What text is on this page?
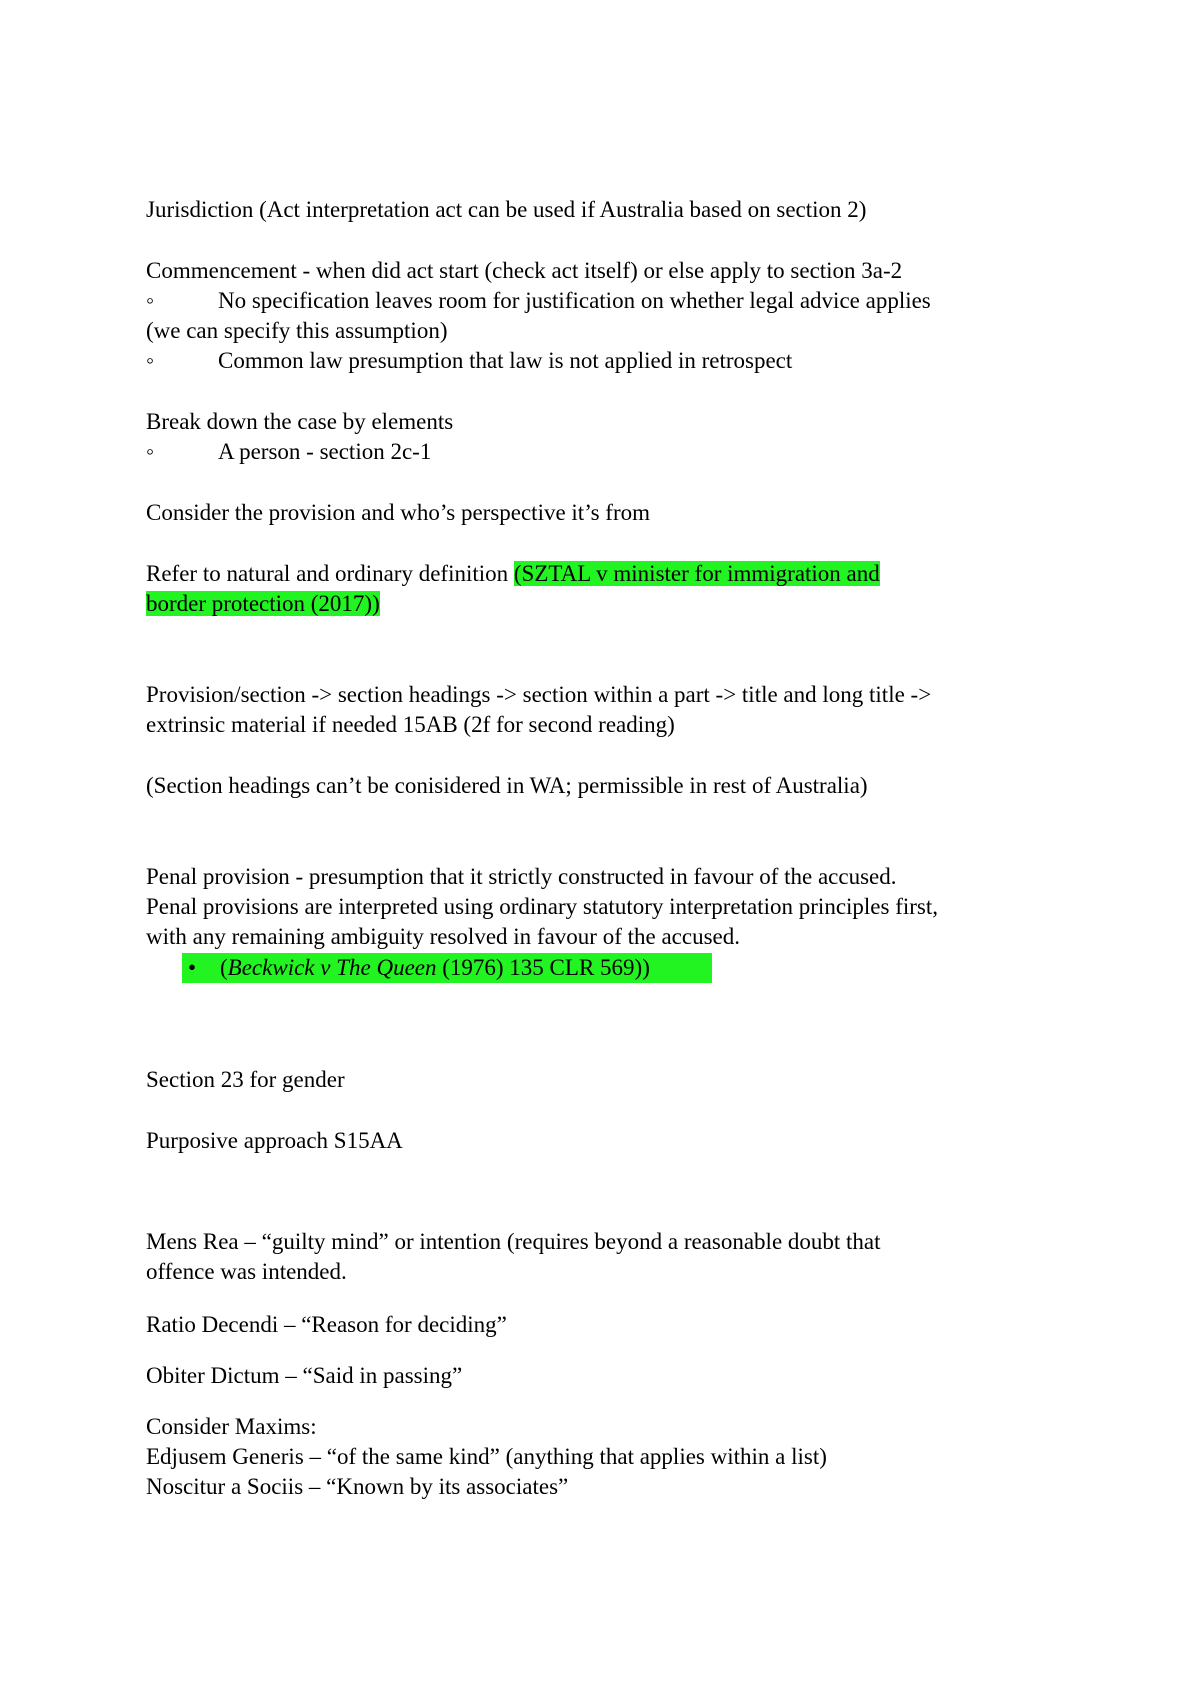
Jurisdiction (Act interpretation act can be used if Australia based on section 2)

Commencement - when did act start (check act itself) or else apply to section 3a-2
◦	No specification leaves room for justification on whether legal advice applies
(we can specify this assumption)
◦	Common law presumption that law is not applied in retrospect
Break down the case by elements
◦	A person - section 2c-1

Consider the provision and who’s perspective it’s from

Refer to natural and ordinary definition (SZTAL v minister for immigration and
border protection (2017))

Provision/section -> section headings -> section within a part -> title and long title ->
extrinsic material if needed 15AB (2f for second reading)

(Section headings can’t be conisidered in WA; permissible in rest of Australia)

Penal provision - presumption that it strictly constructed in favour of the accused.
Penal provisions are interpreted using ordinary statutory interpretation principles first,
with any remaining ambiguity resolved in favour of the accused.

• (Beckwick v The Queen (1976) 135 CLR 569))

Section 23 for gender

Purposive approach S15AA

Mens Rea – “guilty mind” or intention (requires beyond a reasonable doubt that
offence was intended.

Ratio Decendi – “Reason for deciding”

Obiter Dictum – “Said in passing”

Consider Maxims:
Edjusem Generis – “of the same kind” (anything that applies within a list)
Noscitur a Sociis – “Known by its associates”
